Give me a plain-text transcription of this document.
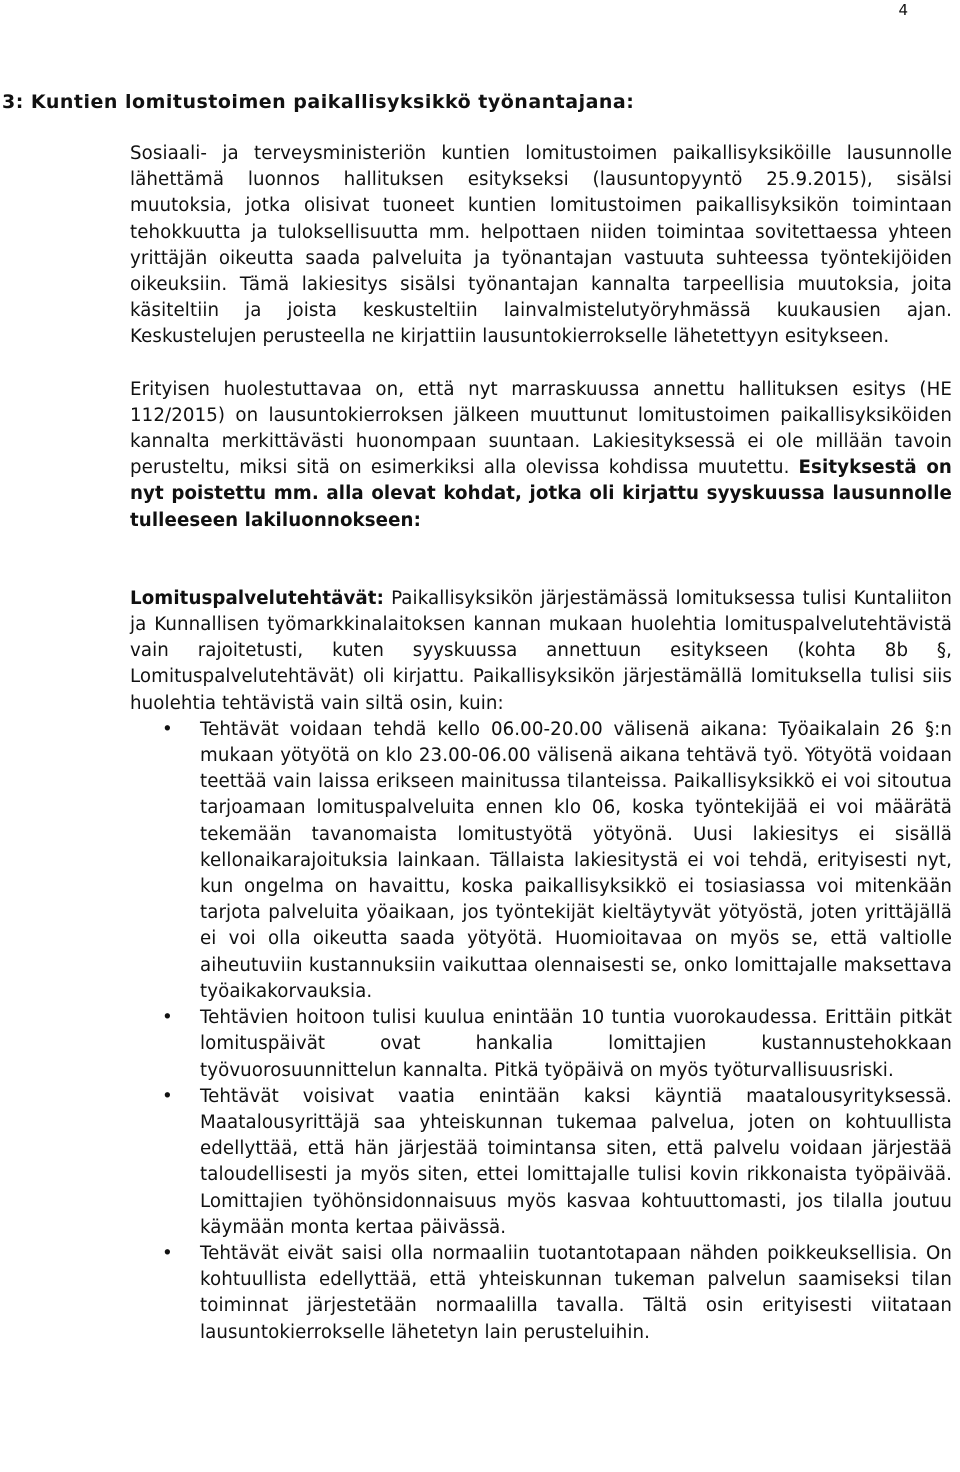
4
3: Kuntien lomitustoimen paikallisyksikkö työnantajana:

Sosiaali- ja terveysministeriön kuntien lomitustoimen paikallisyksiköille lausunnolle lähettämä luonnos hallituksen esitykseksi (lausuntopyyntö 25.9.2015), sisälsi muutoksia, jotka olisivat tuoneet kuntien lomitustoimen paikallisyksikön toimintaan tehokkuutta ja tuloksellisuutta mm. helpottaen niiden toimintaa sovitettaessa yhteen yrittäjän oikeutta saada palveluita ja työnantajan vastuuta suhteessa työntekijöiden oikeuksiin. Tämä lakiesitys sisälsi työnantajan kannalta tarpeellisia muutoksia, joita käsiteltiin ja joista keskusteltiin lainvalmistelutyöryhmässä kuukausien ajan. Keskustelujen perusteella ne kirjattiin lausuntokierrokselle lähetettyyn esitykseen.

Erityisen huolestuttavaa on, että nyt marraskuussa annettu hallituksen esitys (HE 112/2015) on lausuntokierroksen jälkeen muuttunut lomitustoimen paikallisyksiköiden kannalta merkittävästi huonompaan suuntaan. Lakiesityksessä ei ole millään tavoin perusteltu, miksi sitä on esimerkiksi alla olevissa kohdissa muutettu. Esityksestä on nyt poistettu mm. alla olevat kohdat, jotka oli kirjattu syyskuussa lausunnolle tulleeseen lakiluonnokseen:

Lomituspalvelutehtävät: Paikallisyksikön järjestämässä lomituksessa tulisi Kuntaliiton ja Kunnallisen työmarkkinalaitoksen kannan mukaan huolehtia lomituspalvelutehtävistä vain rajoitetusti, kuten syyskuussa annettuun esitykseen (kohta 8b §, Lomituspalvelutehtävät) oli kirjattu. Paikallisyksikön järjestämällä lomituksella tulisi siis huolehtia tehtävistä vain siltä osin, kuin:

• Tehtävät voidaan tehdä kello 06.00-20.00 välisenä aikana: Työaikalain 26 §:n mukaan yötyötä on klo 23.00-06.00 välisenä aikana tehtävä työ. Yötyötä voidaan teettää vain laissa erikseen mainitussa tilanteissa. Paikallisyksikkö ei voi sitoutua tarjoamaan lomituspalveluita ennen klo 06, koska työntekijää ei voi määrätä tekemään tavanomaista lomitustyötä yötyönä. Uusi lakiesitys ei sisällä kellonaikarajoituksia lainkaan. Tällaista lakiesitystä ei voi tehdä, erityisesti nyt, kun ongelma on havaittu, koska paikallisyksikkö ei tosiasiassa voi mitenkään tarjota palveluita yöaikaan, jos työntekijät kieltäytyvät yötyöstä, joten yrittäjällä ei voi olla oikeutta saada yötyötä. Huomioitavaa on myös se, että valtiolle aiheutuviin kustannuksiin vaikuttaa olennaisesti se, onko lomittajalle maksettava työaikakorvauksia.
• Tehtävien hoitoon tulisi kuulua enintään 10 tuntia vuorokaudessa. Erittäin pitkät lomituspäivät ovat hankalia lomittajien kustannustehokkaan työvuorosuunnittelun kannalta. Pitkä työpäivä on myös työturvallisuusriski.
• Tehtävät voisivat vaatia enintään kaksi käyntiä maatalousyrityksessä. Maatalousyrittäjä saa yhteiskunnan tukemaa palvelua, joten on kohtuullista edellyttää, että hän järjestää toimintansa siten, että palvelu voidaan järjestää taloudellisesti ja myös siten, ettei lomittajalle tulisi kovin rikkonaista työpäivää. Lomittajien työhönsidonnaisuus myös kasvaa kohtuuttomasti, jos tilalla joutuu käymään monta kertaa päivässä.
• Tehtävät eivät saisi olla normaaliin tuotantotapaan nähden poikkeuksellisia. On kohtuullista edellyttää, että yhteiskunnan tukeman palvelun saamiseksi tilan toiminnat järjestetään normaalilla tavalla. Tältä osin erityisesti viitataan lausuntokierrokselle lähetetyn lain perusteluihin.
